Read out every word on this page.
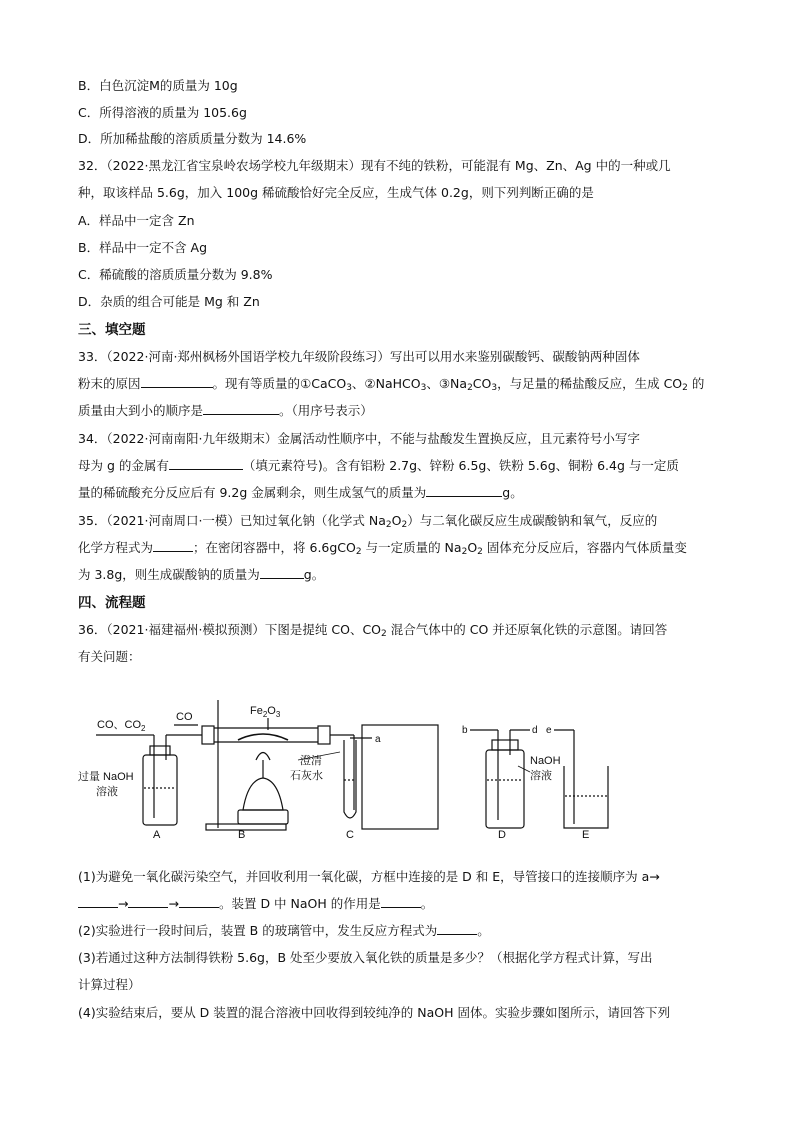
B．白色沉淀M的质量为 10g
C．所得溶液的质量为 105.6g
D．所加稀盐酸的溶质质量分数为 14.6%
32．（2022·黑龙江省宝泉岭农场学校九年级期末）现有不纯的铁粉，可能混有 Mg、Zn、Ag 中的一种或几
种，取该样品 5.6g，加入 100g 稀硫酸恰好完全反应，生成气体 0.2g，则下列判断正确的是
A．样品中一定含 Zn
B．样品中一定不含 Ag
C．稀硫酸的溶质质量分数为 9.8%
D．杂质的组合可能是 Mg 和 Zn
三、填空题
33．（2022·河南·郑州枫杨外国语学校九年级阶段练习）写出可以用水来鉴别碳酸钙、碳酸钠两种固体
粉末的原因	。现有等质量的①CaCO$_3$、②NaHCO$_3$、$③Na_2CO_3$，与足量的稀盐酸反应，生成 $CO_2$ 的
质量由大到小的顺序是	。（用序号表示）
34．（2022·河南南阳·九年级期末）金属活动性顺序中，不能与盐酸发生置换反应，且元素符号小写字
母为 g 的金属有	（填元素符号)。含有铝粉 2.7g、锌粉 6.5g、铁粉 5.6g、铜粉 6.4g 与一定质
量的稀硫酸充分反应后有 9.2g 金属剩余，则生成氢气的质量为	g。
35．（2021·河南周口·一模）已知过氧化钠（化学式 $Na_2O_2$）与二氧化碳反应生成碳酸钠和氧气，反应的
化学方程式为	；在密闭容器中，将 6.6gCO$_2$ 与一定质量的 $Na_2O_2$ 固体充分反应后，容器内气体质量变
为 3.8g，则生成碳酸钠的质量为	g。
四、流程题
36．（2021·福建福州·模拟预测）下图是提纯 CO、$CO_2$ 混合气体中的 CO 并还原氧化铁的示意图。请回答
有关问题：
CO、$CO_2$
CO	$Fe_2O_3$
过量 NaOH
溶液
澄清
石灰水
a
b	d e
NaOH
溶液
A	B	C	D	E
(1)为避免一氧化碳污染空气，并回收利用一氧化碳，方框中连接的是 D 和 E，导管接口的连接顺序为 a→
→	→	。装置 D 中 NaOH 的作用是	。
(2)实验进行一段时间后，装置 B 的玻璃管中，发生反应方程式为	。
(3)若通过这种方法制得铁粉 5.6g，B 处至少要放入氧化铁的质量是多少？（根据化学方程式计算，写出
计算过程）
(4)实验结束后，要从 D 装置的混合溶液中回收得到较纯净的 NaOH 固体。实验步骤如图所示，请回答下列
